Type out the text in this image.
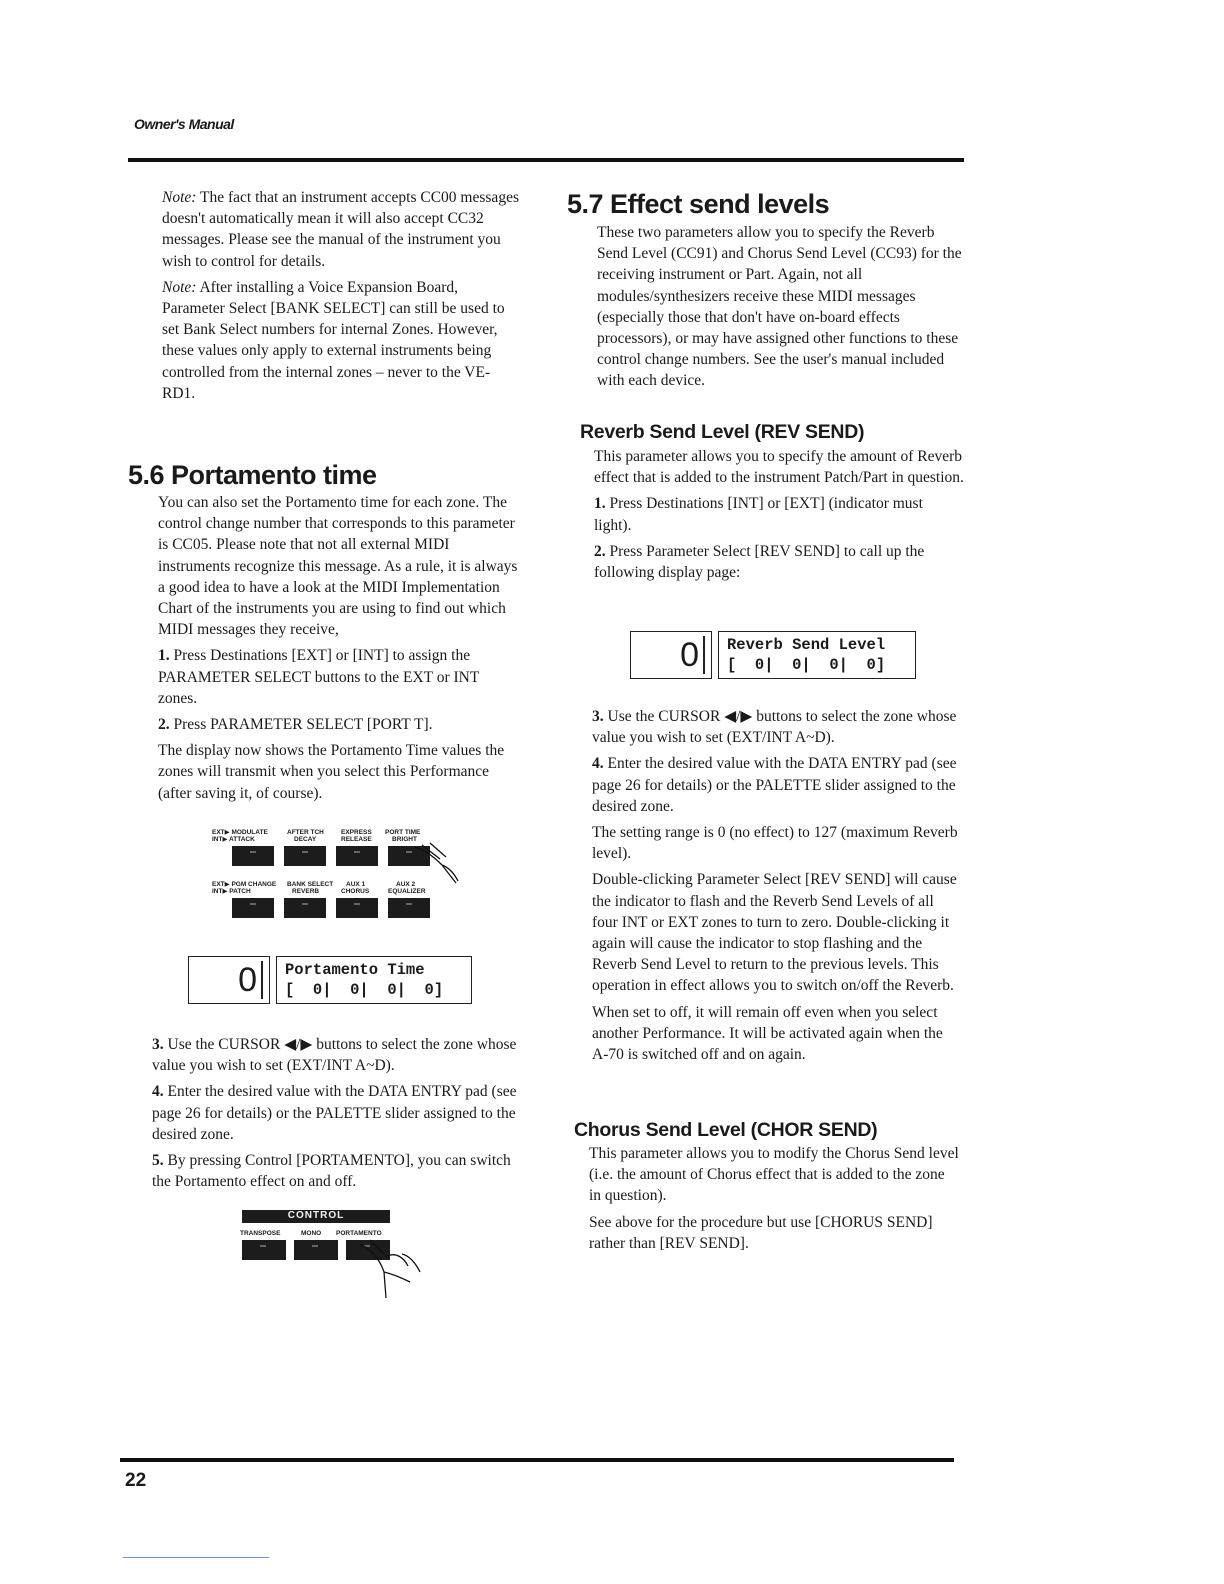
Owner's Manual

Note: The fact that an instrument accepts CC00 messages doesn't automatically mean it will also accept CC32 messages. Please see the manual of the instrument you wish to control for details.

Note: After installing a Voice Expansion Board, Parameter Select [BANK SELECT] can still be used to set Bank Select numbers for internal Zones. However, these values only apply to external instruments being controlled from the internal zones – never to the VE-RD1.

5.6 Portamento time

You can also set the Portamento time for each zone. The control change number that corresponds to this parameter is CC05. Please note that not all external MIDI instruments recognize this message. As a rule, it is always a good idea to have a look at the MIDI Implementation Chart of the instruments you are using to find out which MIDI messages they receive,

1. Press Destinations [EXT] or [INT] to assign the PARAMETER SELECT buttons to the EXT or INT zones.

2. Press PARAMETER SELECT [PORT T].

The display now shows the Portamento Time values the zones will transmit when you select this Performance (after saving it, of course).

EXT▶ MODULATE
INT▶ ATTACK
AFTER TCH	EXPRESS PORT TIME
DECAY	RELEASE	BRIGHT
EXT▶ PGM CHANGE
INT▶ PATCH
BANK SELECT AUX 1	AUX 2
REVERB	CHORUS	EQUALIZER
0	Portamento Time
[  0|  0|  0|  0]

3. Use the CURSOR ◀/▶ buttons to select the zone whose value you wish to set (EXT/INT A~D).

4. Enter the desired value with the DATA ENTRY pad (see page 26 for details) or the PALETTE slider assigned to the desired zone.

5. By pressing Control [PORTAMENTO], you can switch the Portamento effect on and off.

CONTROL
TRANSPOSE	MONO PORTAMENTO
5.7 Effect send levels

These two parameters allow you to specify the Reverb Send Level (CC91) and Chorus Send Level (CC93) for the receiving instrument or Part. Again, not all modules/synthesizers receive these MIDI messages (especially those that don't have on-board effects processors), or may have assigned other functions to these control change numbers. See the user's manual included with each device.

Reverb Send Level (REV SEND)

This parameter allows you to specify the amount of Reverb effect that is added to the instrument Patch/Part in question.

1. Press Destinations [INT] or [EXT] (indicator must light).

2. Press Parameter Select [REV SEND] to call up the following display page:

0	Reverb Send Level
[  0|  0|  0|  0]

3. Use the CURSOR ◀/▶ buttons to select the zone whose value you wish to set (EXT/INT A~D).

4. Enter the desired value with the DATA ENTRY pad (see page 26 for details) or the PALETTE slider assigned to the desired zone.

The setting range is 0 (no effect) to 127 (maximum Reverb level).

Double-clicking Parameter Select [REV SEND] will cause the indicator to flash and the Reverb Send Levels of all four INT or EXT zones to turn to zero. Double-clicking it again will cause the indicator to stop flashing and the Reverb Send Level to return to the previous levels. This operation in effect allows you to switch on/off the Reverb.

When set to off, it will remain off even when you select another Performance. It will be activated again when the A-70 is switched off and on again.

Chorus Send Level (CHOR SEND)

This parameter allows you to modify the Chorus Send level (i.e. the amount of Chorus effect that is added to the zone in question).

See above for the procedure but use [CHORUS SEND] rather than [REV SEND].

22
